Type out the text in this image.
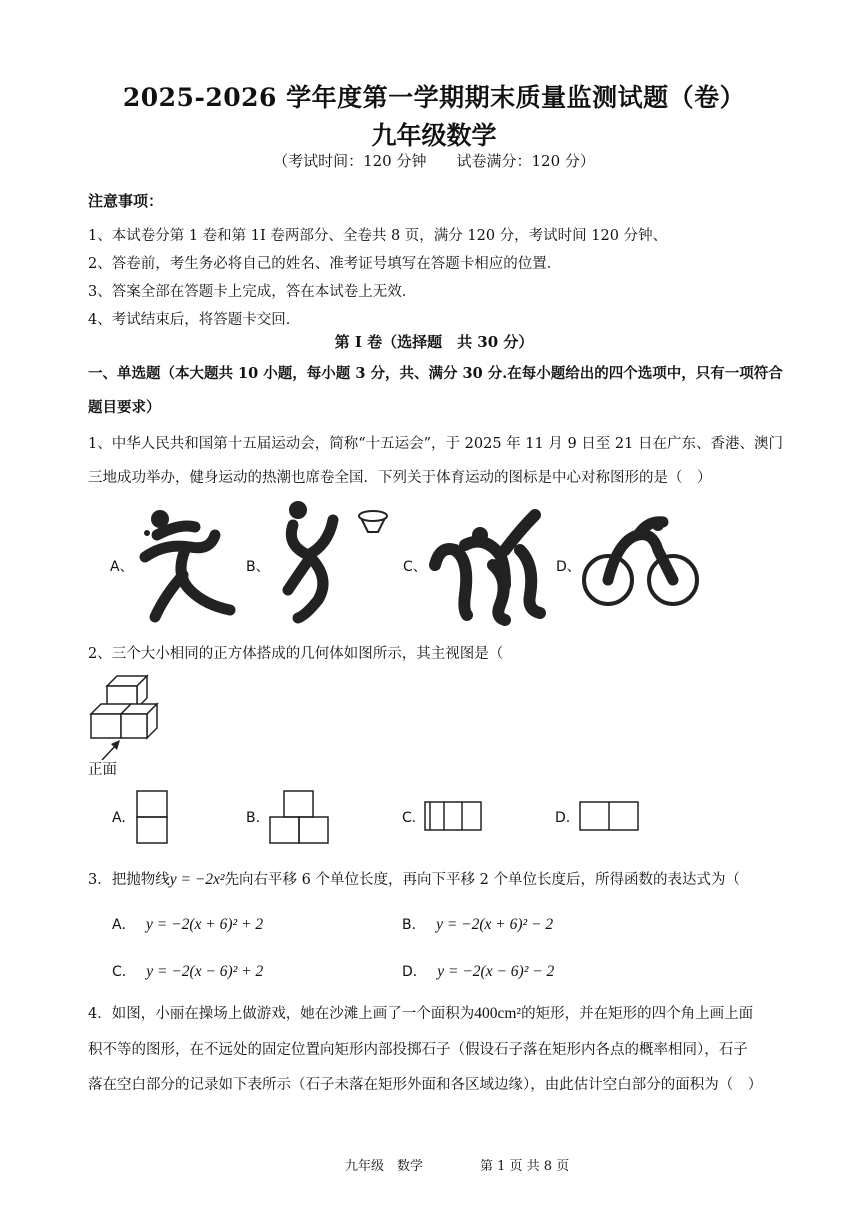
2025-2026 学年度第一学期期末质量监测试题（卷）
九年级数学
（考试时间：120 分钟　　试卷满分：120 分）
注意事项：
1、本试卷分第 1 卷和第 1I 卷两部分、全卷共 8 页，满分 120 分，考试时间 120 分钟、
2、答卷前，考生务必将自己的姓名、准考证号填写在答题卡相应的位置．
3、答案全部在答题卡上完成，答在本试卷上无效．
4、考试结束后，将答题卡交回．
第 I 卷（选择题　共 30 分）
一、单选题（本大题共 10 小题，每小题 3 分，共、满分 30 分.在每小题给出的四个选项中，只有一项符合
题目要求）
1、中华人民共和国第十五届运动会，简称“十五运会”，于 2025 年 11 月 9 日至 21 日在广东、香港、澳门
三地成功举办，健身运动的热潮也席卷全国．下列关于体育运动的图标是中心对称图形的是（　）
A、	B、	C、	D、
2、三个大小相同的正方体搭成的几何体如图所示，其主视图是（
正面
A.	B.	C.	D.
3．把抛物线y = −2x²先向右平移 6 个单位长度，再向下平移 2 个单位长度后，所得函数的表达式为（
A． y = −2(x + 6)² + 2	B． y = −2(x + 6)² − 2
C． y = −2(x − 6)² + 2	D． y = −2(x − 6)² − 2
4．如图，小丽在操场上做游戏，她在沙滩上画了一个面积为400cm²的矩形，并在矩形的四个角上画上面
积不等的图形，在不远处的固定位置向矩形内部投掷石子（假设石子落在矩形内各点的概率相同），石子
落在空白部分的记录如下表所示（石子未落在矩形外面和各区域边缘），由此估计空白部分的面积为（　）
九年级　数学	第 1 页 共 8 页
